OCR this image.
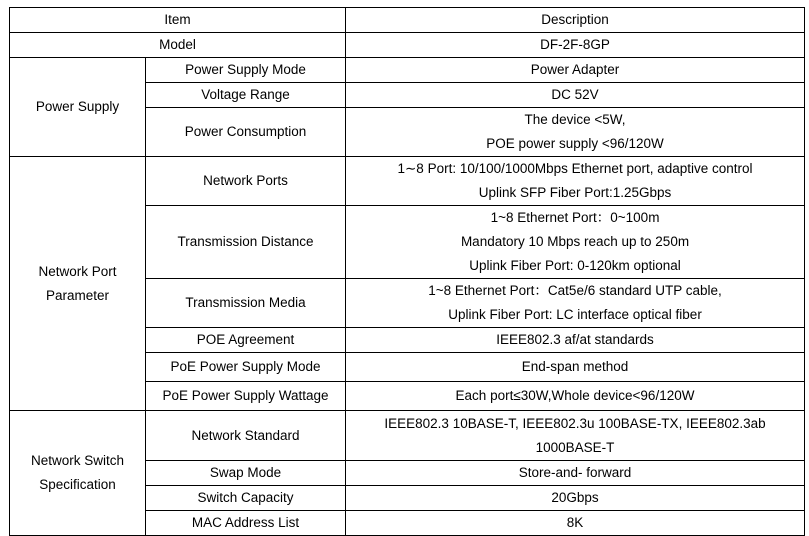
Item		Description
Model		DF-2F-8GP
Power Supply	Power Supply Mode	Power Adapter
	Voltage Range	DC 52V
	Power Consumption	The device <5W,
POE power supply <96/120W

Network Port
Parameter	Network Ports	1∼8 Port: 10/100/1000Mbps Ethernet port, adaptive control
Uplink SFP Fiber Port:1.25Gbps

	Transmission Distance	1~8 Ethernet Port：0~100m
Mandatory 10 Mbps reach up to 250m
Uplink Fiber Port: 0-120km optional

	Transmission Media	1~8 Ethernet Port：Cat5e/6 standard UTP cable,
Uplink Fiber Port: LC interface optical fiber

	POE Agreement	IEEE802.3 af/at standards
	PoE Power Supply Mode	End-span method
	PoE Power Supply Wattage	Each port≤30W,Whole device<96/120W

Network Switch
Specification	Network Standard	IEEE802.3 10BASE-T, IEEE802.3u 100BASE-TX, IEEE802.3ab
1000BASE-T

	Swap Mode	Store-and- forward
	Switch Capacity	20Gbps
	MAC Address List	8K
